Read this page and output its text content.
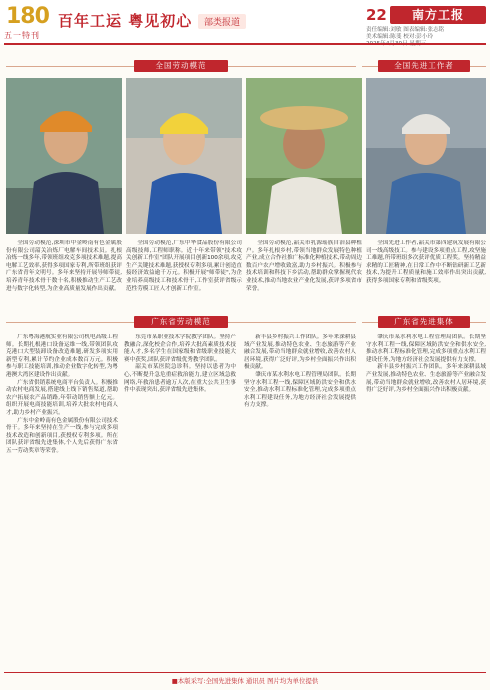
180
五一特刊
百年工运 粤见初心	部类报道	22	南方工报
责任编辑:刘敏 图表编辑:张志铭
美术编辑:陈斐 校对:彭小玲
全国劳动模范	全国先进工作者

全国劳动模范,深圳市中金岭南有色金属股份有限公司韶关冶炼厂电解车间技术员。扎根冶炼一线多年,带领班组攻克多项技术难题,提高电解工艺效率,获得多项国家专利,所带班组获评广东省青年文明号。多年来坚持开展导师带徒,培养青年技术骨干数十名,积极推动生产工艺改进与数字化转型,为企业高质量发展作出贡献。

全国劳动模范,广东中华食品股份有限公司高级技师,工程师职称。近十年来带领"技术攻关创新工作室"团队开展项目创新100余项,攻克生产关键技术难题,获授权专利多项,累计创造直接经济效益逾千万元。积极开展"师带徒",为企业培养高级技工和技术骨干,工作室获评省级示范性劳模工匠人才创新工作室。

全国劳动模范,韶关市乳源瑶族自治县种植户。多年扎根乡村,带领当地群众发展特色种植产业,成立合作社推广标准化种植技术,带动周边数百户农户增收致富,助力乡村振兴。积极参与技术培训和科技下乡活动,帮助群众掌握现代农业技术,推动当地农业产业化发展,获评多项省市荣誉。

全国先进工作者,韶关市第四建筑发展有限公司一线高级技工。参与建设多项重点工程,攻坚施工难题,所带班组多次获评优质工程奖。坚持精益求精的工匠精神,在日常工作中不断钻研新工艺新技术,为提升工程质量和施工效率作出突出贡献,获得多项国家专利和省级奖项。

广东省劳动模范	广东省先进集体

广东粤海港航实业有限公司机电高级工程师。长期扎根港口设备运维一线,带领团队攻克港口大型装卸设备改造难题,研发多项实用新型专利,累计节约企业成本数百万元。积极参与职工技能培训,推动企业数字化转型,为粤港澳大湾区建设作出贡献。

广东省供销系统电商平台负责人。积极推动农村电商发展,搭建线上线下销售渠道,帮助农户拓展农产品销路,年带动销售额上亿元。组织开展电商技能培训,培养大批农村电商人才,助力乡村产业振兴。

广东中金岭南有色金属股份有限公司技术骨干。多年来坚持在生产一线,参与完成多项技术改造和创新项目,获授权专利多项。所在团队获评省级先进集体,个人先后获得广东省五一劳动奖章等荣誉。

东莞市某职业技术学院教学团队。坚持产教融合,深化校企合作,培养大批高素质技术技能人才,多名学生在国家级和省级职业技能大赛中获奖,团队获评省级优秀教学团队。

韶关市某医院急诊科。坚持以患者为中心,不断提升急危重症救治能力,建立区域急救网络,年救治患者逾万人次,在重大公共卫生事件中表现突出,获评省级先进集体。

新丰县乡村振兴工作团队。多年来深耕县域产业发展,推动特色农业、生态旅游等产业融合发展,带动当地群众就业增收,改善农村人居环境,获得广泛好评,为乡村全面振兴作出积极贡献。

肇庆市某水利水电工程管理局团队。长期坚守水利工程一线,保障区域防洪安全和供水安全,推动水利工程标准化管理,完成多项重点水利工程建设任务,为地方经济社会发展提供有力支撑。

肇庆市某水利水电工程管理局团队。长期坚守水利工程一线,保障区域防洪安全和供水安全,推动水利工程标准化管理,完成多项重点水利工程建设任务,为地方经济社会发展提供有力支撑。

新丰县乡村振兴工作团队。多年来深耕县域产业发展,推动特色农业、生态旅游等产业融合发展,带动当地群众就业增收,改善农村人居环境,获得广泛好评,为乡村全面振兴作出积极贡献。

■本版采写:全国先进集体 通讯员 图片均为单位提供
